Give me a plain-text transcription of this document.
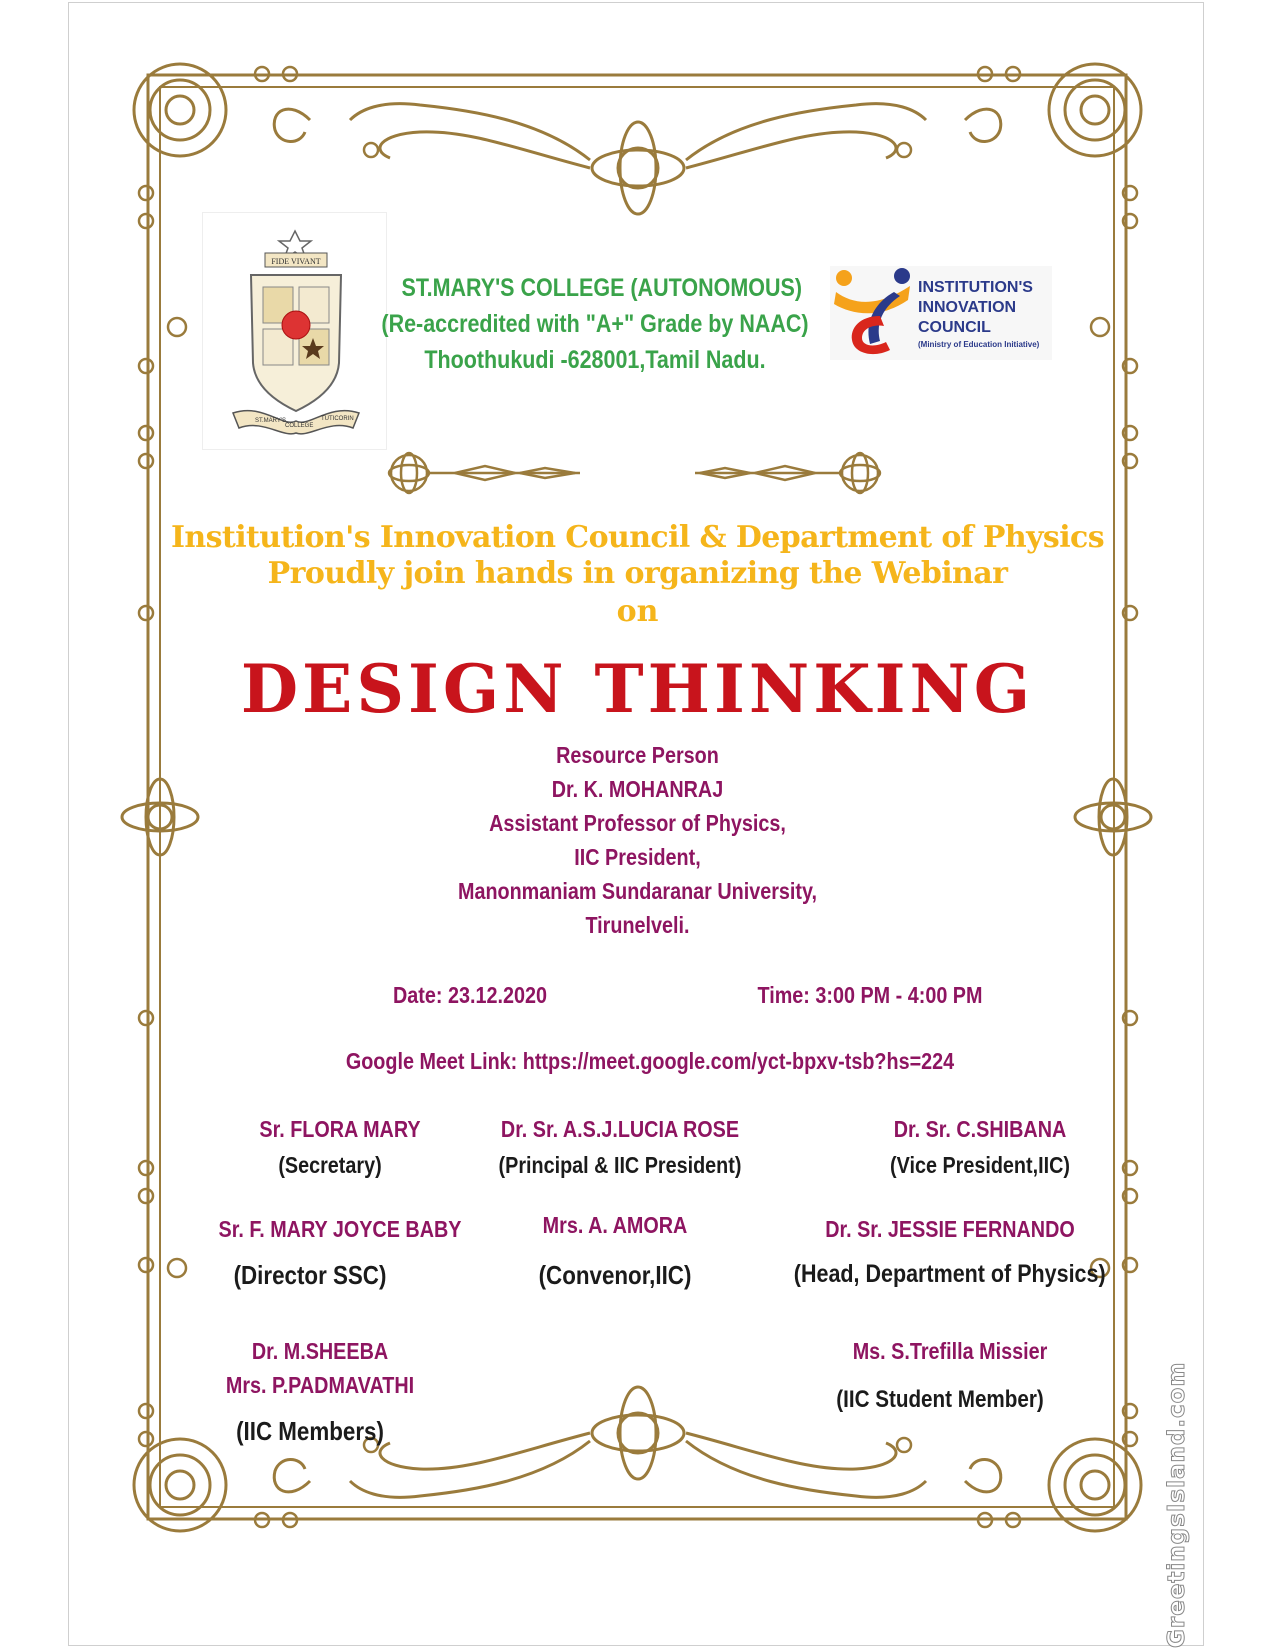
FIDE VIVANT
ST.MARY'S
COLLEGE
TUTICORIN
ST.MARY'S COLLEGE (AUTONOMOUS)
(Re-accredited with "A+" Grade by NAAC)
Thoothukudi -628001,Tamil Nadu.
INSTITUTION'S
INNOVATION
COUNCIL
(Ministry of Education Initiative)
Institution's Innovation Council & Department of Physics
Proudly join hands in organizing the Webinar
on
DESIGN THINKING
Resource Person
Dr. K. MOHANRAJ
Assistant Professor of Physics,
IIC President,
Manonmaniam Sundaranar University,
Tirunelveli.
Date: 23.12.2020	Time: 3:00 PM - 4:00 PM
Google Meet Link: https://meet.google.com/yct-bpxv-tsb?hs=224
Sr. FLORA MARY
(Secretary)
Dr. Sr. A.S.J.LUCIA ROSE
(Principal & IIC President)
Dr. Sr. C.SHIBANA
(Vice President,IIC)
Sr. F. MARY JOYCE BABY
(Director SSC)
Mrs. A. AMORA
(Convenor,IIC)
Dr. Sr. JESSIE FERNANDO
(Head, Department of Physics)
Dr. M.SHEEBA
Mrs. P.PADMAVATHI
(IIC Members)
Ms. S.Trefilla Missier
(IIC Student Member)	GreetingsIsland.com
